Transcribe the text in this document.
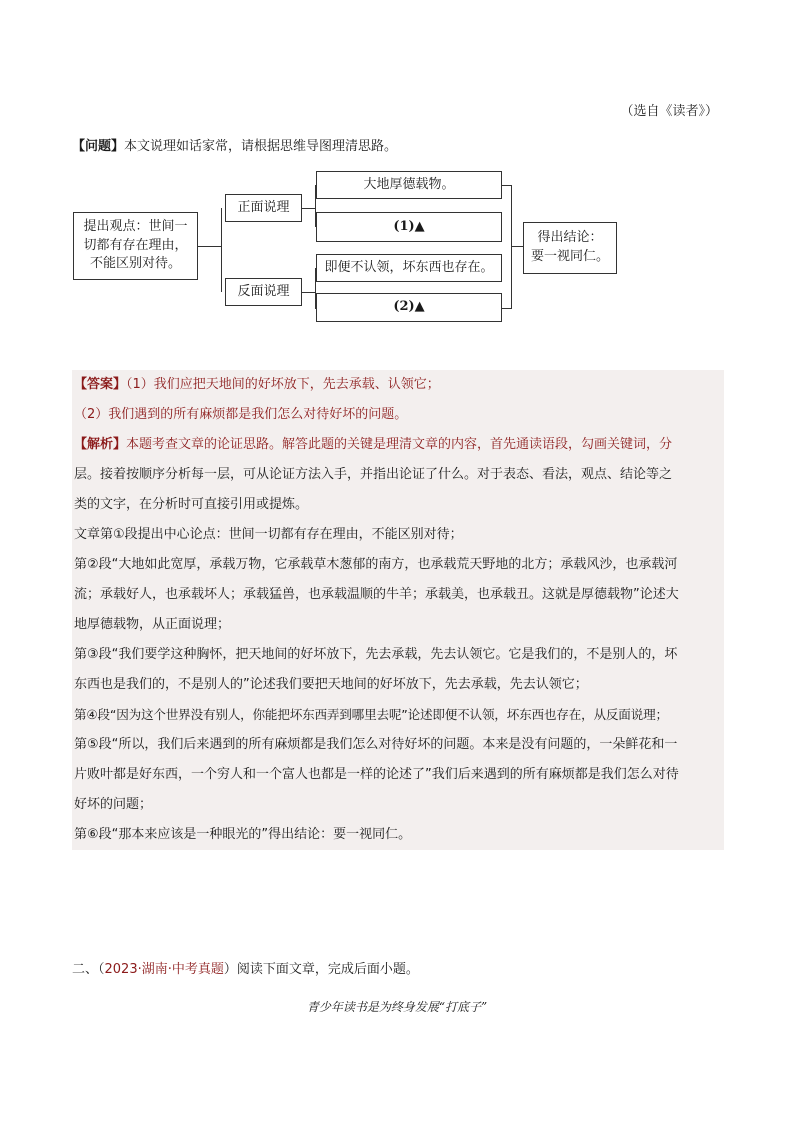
（选自《读者》）
【问题】本文说理如话家常，请根据思维导图理清思路。
提出观点：世间一
切都有存在理由，
不能区别对待。
正面说理
反面说理
大地厚德载物。
(1)▲
即便不认领，坏东西也存在。
(2)▲
得出结论：
要一视同仁。

【答案】（1）我们应把天地间的好坏放下，先去承载、认领它；

（2）我们遇到的所有麻烦都是我们怎么对待好坏的问题。

【解析】本题考查文章的论证思路。解答此题的关键是理清文章的内容，首先通读语段，勾画关键词，分

层。接着按顺序分析每一层，可从论证方法入手，并指出论证了什么。对于表态、看法，观点、结论等之

类的文字，在分析时可直接引用或提炼。

文章第①段提出中心论点：世间一切都有存在理由，不能区别对待；

第②段“大地如此宽厚，承载万物，它承载草木葱郁的南方，也承载荒天野地的北方；承载风沙，也承载河

流；承载好人，也承载坏人；承载猛兽，也承载温顺的牛羊；承载美，也承载丑。这就是厚德载物”论述大

地厚德载物，从正面说理；

第③段“我们要学这种胸怀，把天地间的好坏放下，先去承载，先去认领它。它是我们的，不是别人的，坏

东西也是我们的，不是别人的”论述我们要把天地间的好坏放下，先去承载，先去认领它；

第④段“因为这个世界没有别人，你能把坏东西弄到哪里去呢”论述即便不认领，坏东西也存在，从反面说理；

第⑤段“所以，我们后来遇到的所有麻烦都是我们怎么对待好坏的问题。本来是没有问题的，一朵鲜花和一

片败叶都是好东西，一个穷人和一个富人也都是一样的论述了”我们后来遇到的所有麻烦都是我们怎么对待

好坏的问题；

第⑥段“那本来应该是一种眼光的”得出结论：要一视同仁。

二、（2023·湖南·中考真题）阅读下面文章，完成后面小题。
青少年读书是为终身发展“打底子”
